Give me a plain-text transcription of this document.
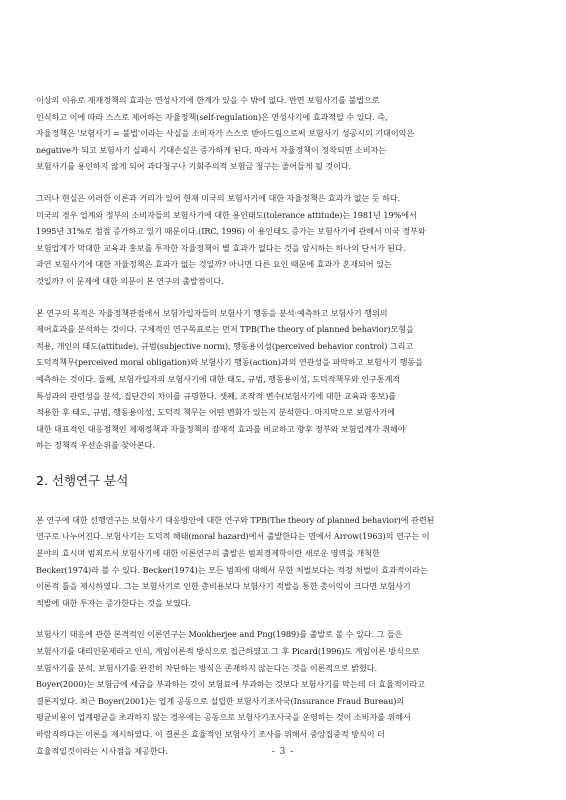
이상의 이유로 제재정책의 효과는 연성사기에 한계가 있을 수 밖에 없다. 반면 보험사기를 불법으로
인식하고 이에 따라 스스로 제어하는 자율정책(self-regulation)은 연성사기에 효과적일 수 있다. 즉,
자율정책은 '보험사기 = 불법'이라는 사실을 소비자가 스스로 받아드림으로써 보험사기 성공시의 기대이익은
negative가 되고 보험사기 실패시 기대손실은 증가하게 된다. 따라서 자율정책이 정착되면 소비자는
보험사기를 용인하지 않게 되어 과다청구나 기회주의적 보험금 청구는 줄어들게 될 것이다.
그러나 현실은 이러한 이론과 거리가 있어 현재 미국의 보험사기에 대한 자율정책은 효과가 없는 듯 하다.
미국의 경우 업계와 정부의 소비자들의 보험사기에 대한 용인태도(tolerance attitude)는 1981년 19%에서
1995년 31%로 점점 증가하고 있기 때문이다.(IRC, 1996) 이 용인태도 증가는 보험사기에 관해서 미국 정부와
보험업계가 막대한 교육과 홍보를 투자한 자율정책이 별 효과가 없다는 것을 암시하는 하나의 단서가 된다.
과연 보험사기에 대한 자율정책은 효과가 없는 것일까? 아니면 다른 요인 때문에 효과가 혼재되어 있는
것일까? 이 문제에 대한 의문이 본 연구의 출발점이다.
본 연구의 목적은 자율정책관점에서 보험가입자들의 보험사기 행동을 분석·예측하고 보험사기 행위의
제어효과를 분석하는 것이다. 구체적인 연구목표로는 먼저 TPB(The theory of planned behavior)모형을
적용, 개인의 태도(attitude), 규범(subjective norm), 행동용이성(perceived behavior control) 그리고
도덕적책무(perceived moral obligation)와 보험사기 행동(action)과의 연관성을 파악하고 보험사기 행동을
예측하는 것이다. 둘째, 보험가입자의 보험사기에 대한 태도, 규범, 행동용이성, 도덕적책무와 인구통계적
특성과의 관련성을 분석, 집단간의 차이를 규명한다. 셋째, 조작적 변수(보험사기에 대한 교육과 홍보)를
적용한 후 태도, 규범, 행동용이성, 도덕적 책무는 어떤 변화가 있는지 분석한다. 마지막으로 보험사기에
대한 대표적인 대응정책인 제재정책과 자율정책의 잠재적 효과를 비교하고 향후 정부와 보험업계가 취해야
하는 정책적 우선순위를 찾아본다.
2. 선행연구 분석
본 연구에 대한 선행연구는 보험사기 대응방안에 대한 연구와 TPB(The theory of planned behavior)에 관련된
연구로 나누어진다. 보험사기는 도덕적 해태(moral hazard)에서 출발한다는 면에서 Arrow(1963)의 연구는 이
분야의 효시며 범죄로서 보험사기에 대한 이론연구의 출발은 범죄경제학이란 새로운 영역을 개척한
Becker(1974)라 볼 수 있다. Becker(1974)는 모든 범죄에 대해서 무한 처벌보다는 적정 처벌이 효과적이라는
이론적 틀을 제시하였다. 그는 보험사기로 인한 총비용보다 보험사기 적발을 통한 총이익이 크다면 보험사기
적발에 대한 투자는 증가한다는 것을 보였다.
보험사기 대응에 관한 본격적인 이론연구는 Mookherjee and Png(1989)를 출발로 볼 수 있다. 그 들은
보험사기를 대리인문제라고 인식, 게임이론적 방식으로 접근하였고 그 후 Picard(1996)도 게임이론 방식으로
보험사기를 분석, 보험사기를 완전히 차단하는 방식은 존재하지 않는다는 것을 이론적으로 밝혔다.
Boyer(2000)는 보험금에 세금을 부과하는 것이 보험료에 부과하는 것보다 보험사기를 막는데 더 효율적이라고
결론지었다. 최근 Boyer(2001)는 업계 공동으로 설립한 보험사기조사국(Insurance Fraud Bureau)의
평균비용이 업계평균을 초과하지 않는 경우에는 공동으로 보험사기조사국을 운영하는 것이 소비자를 위해서
바람직하다는 이론을 제시하였다. 이 결론은 효율적인 보험사기 조사를 위해서 중앙집중적 방식이 더
효율적일것이라는 시사점을 제공한다.	- 3 -
